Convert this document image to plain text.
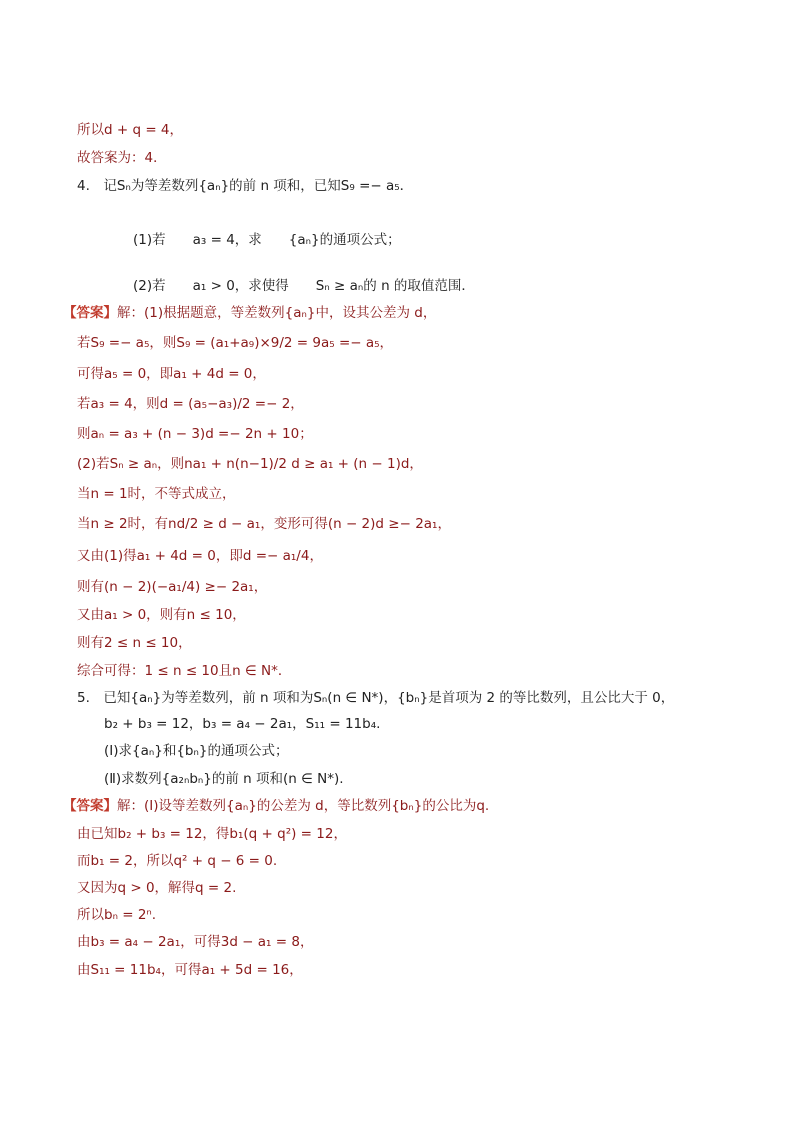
所以d + q = 4，
故答案为：4．
4.　记Sₙ为等差数列{aₙ}的前 n 项和，已知S₉ =− a₅．
(1)若　　a₃ = 4，求　　{aₙ}的通项公式；
(2)若　　a₁ > 0，求使得　　Sₙ ≥ aₙ的 n 的取值范围．
【答案】解：(1)根据题意，等差数列{aₙ}中，设其公差为 d，
若S₉ =− a₅，则S₉ = (a₁+a₉)×9/2 = 9a₅ =− a₅，
可得a₅ = 0，即a₁ + 4d = 0，
若a₃ = 4，则d = (a₅−a₃)/2 =− 2，
则aₙ = a₃ + (n − 3)d =− 2n + 10；
(2)若Sₙ ≥ aₙ，则na₁ + n(n−1)/2 d ≥ a₁ + (n − 1)d，
当n = 1时，不等式成立，
当n ≥ 2时，有nd/2 ≥ d − a₁，变形可得(n − 2)d ≥− 2a₁，
又由(1)得a₁ + 4d = 0，即d =− a₁/4，
则有(n − 2)(−a₁/4) ≥− 2a₁，
又由a₁ > 0，则有n ≤ 10，
则有2 ≤ n ≤ 10，
综合可得：1 ≤ n ≤ 10且n ∈ N*．
5.　已知{aₙ}为等差数列，前 n 项和为Sₙ(n ∈ N*)，{bₙ}是首项为 2 的等比数列，且公比大于 0，
b₂ + b₃ = 12，b₃ = a₄ − 2a₁，S₁₁ = 11b₄.
(Ⅰ)求{aₙ}和{bₙ}的通项公式；
(Ⅱ)求数列{a₂ₙbₙ}的前 n 项和(n ∈ N*).
【答案】解：(Ⅰ)设等差数列{aₙ}的公差为 d，等比数列{bₙ}的公比为q.
由已知b₂ + b₃ = 12，得b₁(q + q²) = 12，
而b₁ = 2，所以q² + q − 6 = 0.
又因为q > 0，解得q = 2.
所以bₙ = 2ⁿ.
由b₃ = a₄ − 2a₁，可得3d − a₁ = 8，
由S₁₁ = 11b₄，可得a₁ + 5d = 16，
